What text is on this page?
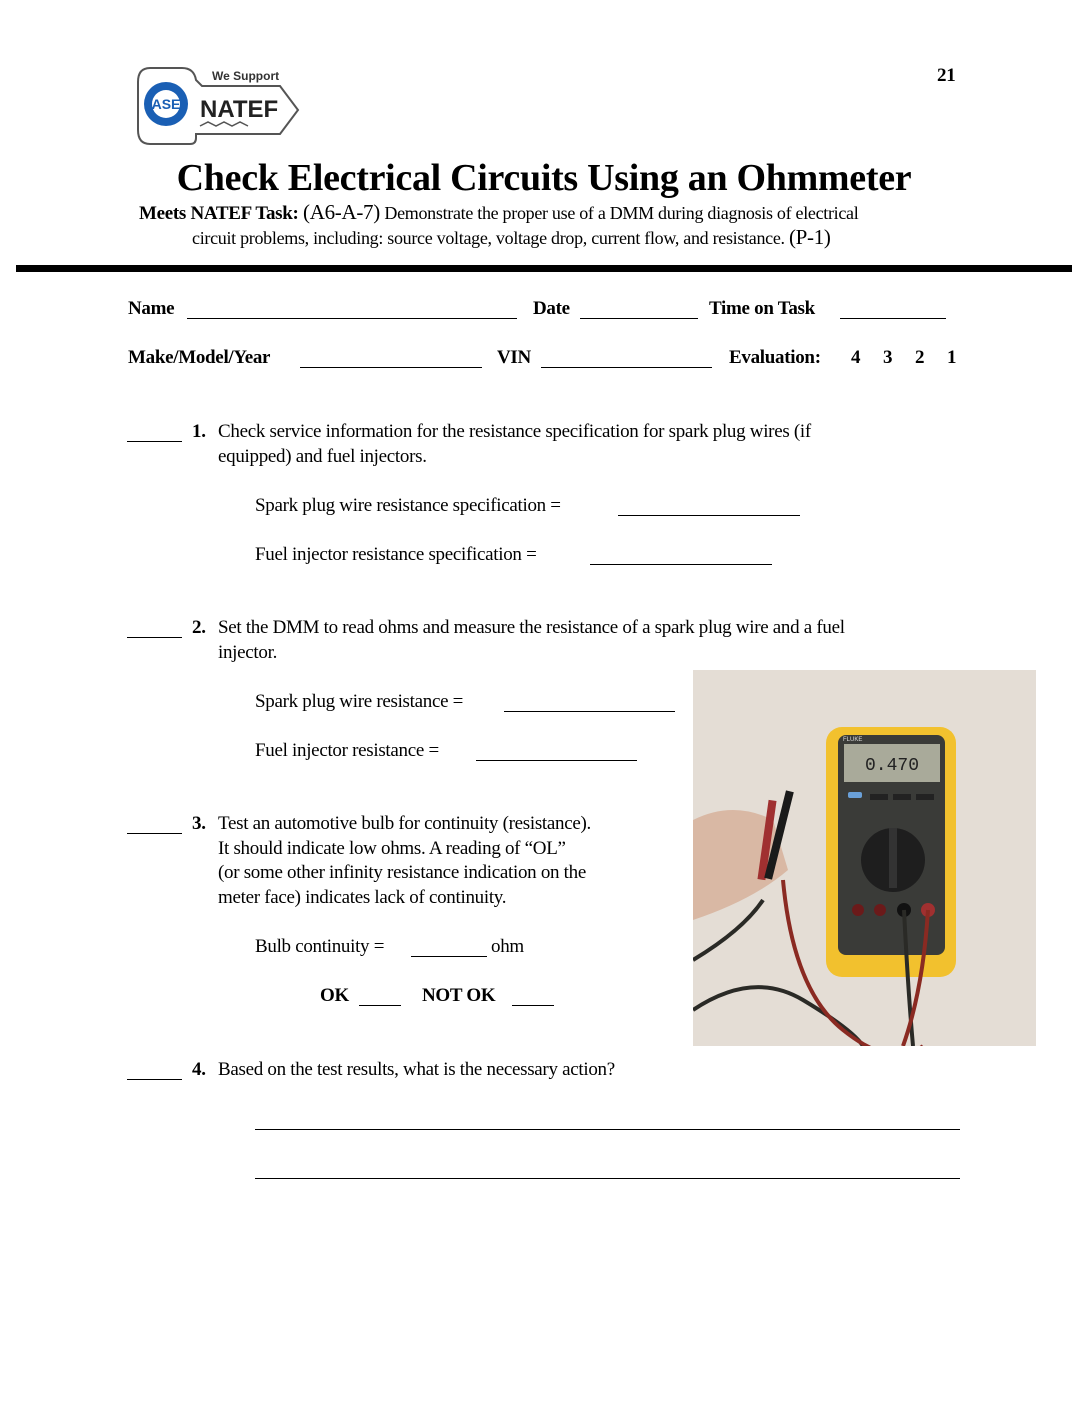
ASE
We Support
NATEF
21
Check Electrical Circuits Using an Ohmmeter
Meets NATEF Task: (A6-A-7) Demonstrate the proper use of a DMM during diagnosis of electrical
circuit problems, including: source voltage, voltage drop, current flow, and resistance. (P-1)
Name	Date	Time on Task
Make/Model/Year	VIN	Evaluation: 4 3 2 1
1. Check service information for the resistance specification for spark plug wires (if
equipped) and fuel injectors.
Spark plug wire resistance specification =
Fuel injector resistance specification =
2. Set the DMM to read ohms and measure the resistance of a spark plug wire and a fuel
injector.
Spark plug wire resistance =
Fuel injector resistance =
3. Test an automotive bulb for continuity (resistance).
It should indicate low ohms. A reading of “OL”
(or some other infinity resistance indication on the
meter face) indicates lack of continuity.
Bulb continuity =	ohm
OK	NOT OK
4. Based on the test results, what is the necessary action?
FLUKE
0.470
